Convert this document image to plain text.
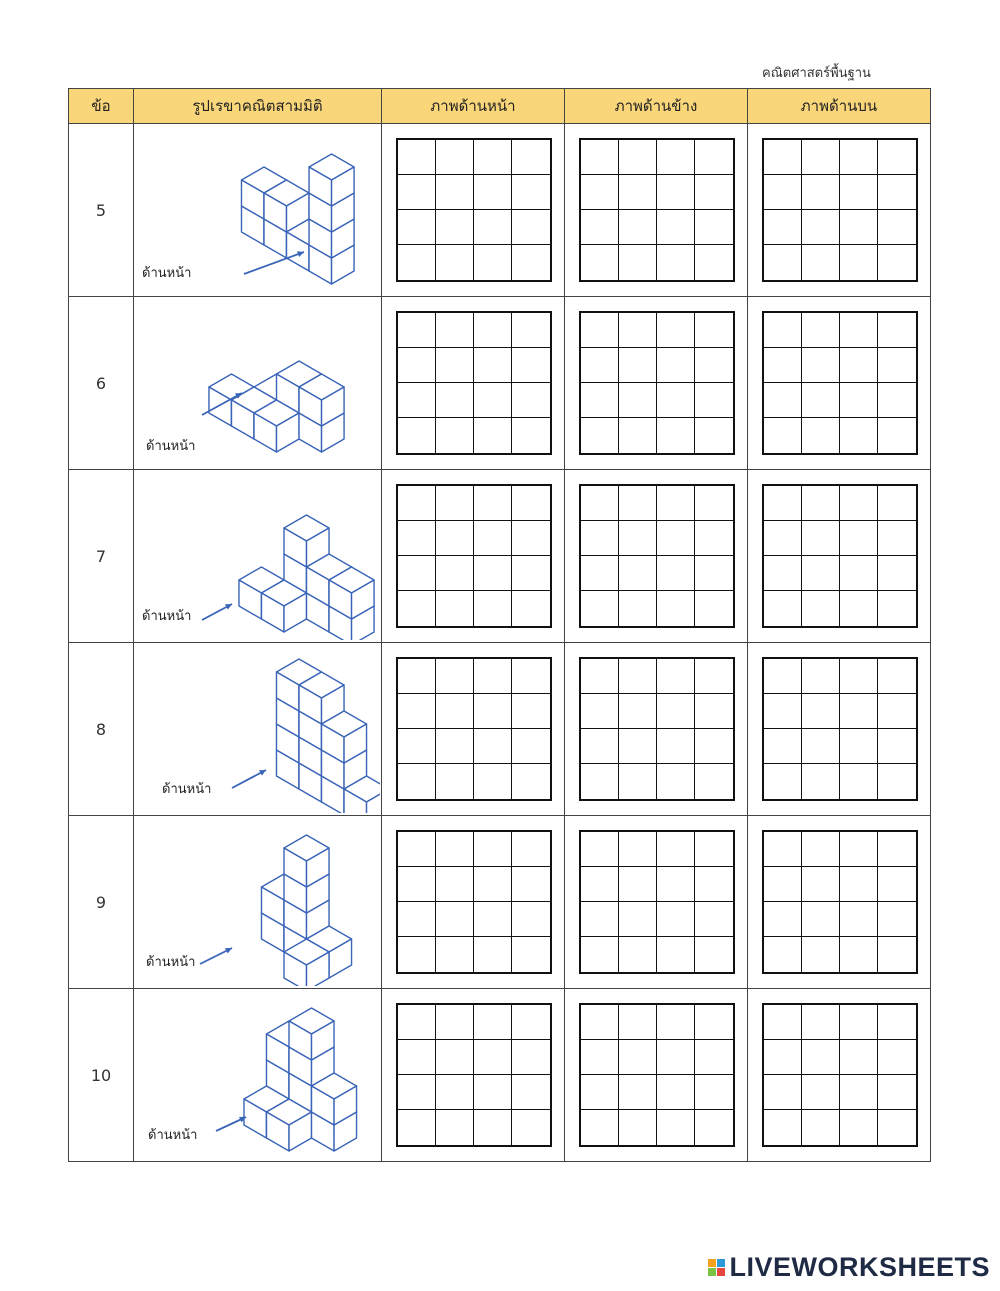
คณิตศาสตร์พื้นฐาน
ข้อ	รูปเรขาคณิตสามมิติ	ภาพด้านหน้า	ภาพด้านข้าง	ภาพด้านบน
5	ด้านหน้า			

6	ด้านหน้า			

7	ด้านหน้า			

8	ด้านหน้า			

9	ด้านหน้า			

10	ด้านหน้า			

LIVEWORKSHEETS
